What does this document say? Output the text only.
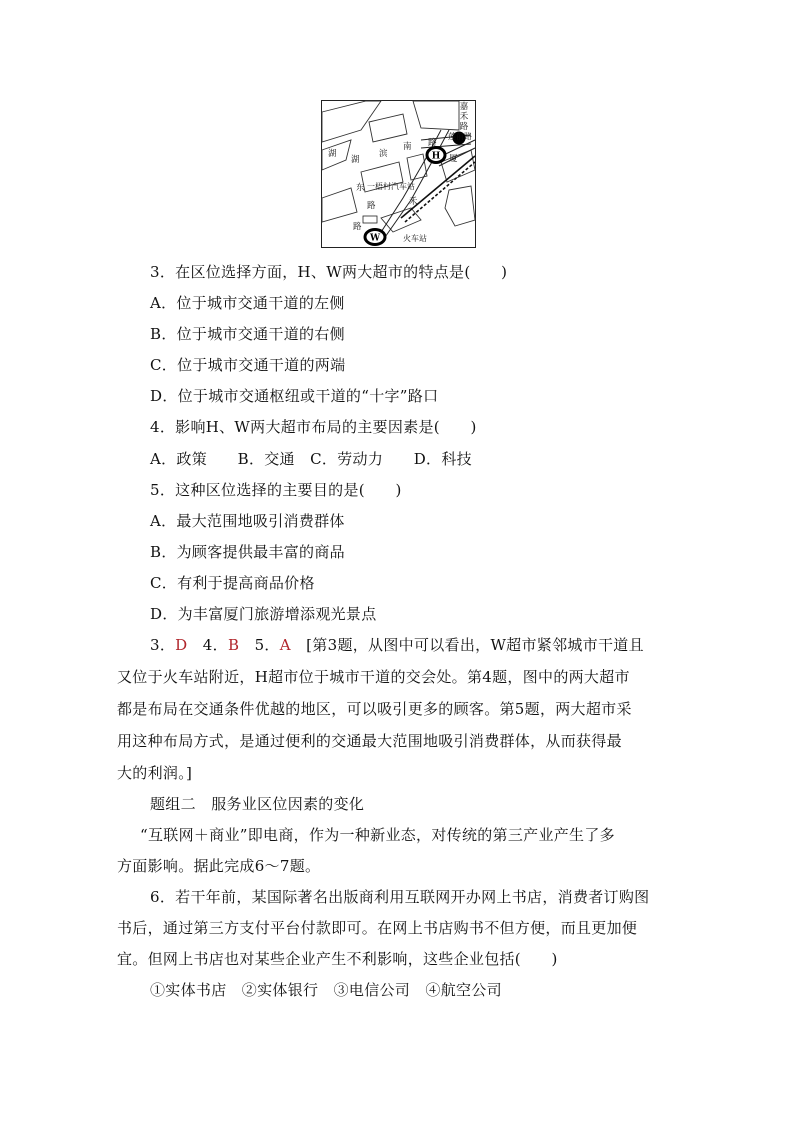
H
W
嘉
禾
路
莲前路
湖
湖
滨
南 路
厦
东 一梧村汽车站
路	禾
路
火车站
3．在区位选择方面，H、W两大超市的特点是(　　)
A．位于城市交通干道的左侧
B．位于城市交通干道的右侧
C．位于城市交通干道的两端
D．位于城市交通枢纽或干道的“十字”路口
4．影响H、W两大超市布局的主要因素是(　　)
A．政策　　B．交通　C．劳动力　　D．科技
5．这种区位选择的主要目的是(　　)
A．最大范围地吸引消费群体
B．为顾客提供最丰富的商品
C．有利于提高商品价格
D．为丰富厦门旅游增添观光景点
3．D　4．B　5．A　[第3题，从图中可以看出，W超市紧邻城市干道且
又位于火车站附近，H超市位于城市干道的交会处。第4题，图中的两大超市
都是布局在交通条件优越的地区，可以吸引更多的顾客。第5题，两大超市采
用这种布局方式，是通过便利的交通最大范围地吸引消费群体，从而获得最
大的利润。]
题组二　服务业区位因素的变化
“互联网＋商业”即电商，作为一种新业态，对传统的第三产业产生了多
方面影响。据此完成6～7题。
6．若干年前，某国际著名出版商利用互联网开办网上书店，消费者订购图
书后，通过第三方支付平台付款即可。在网上书店购书不但方便，而且更加便
宜。但网上书店也对某些企业产生不利影响，这些企业包括(　　)
①实体书店　②实体银行　③电信公司　④航空公司
